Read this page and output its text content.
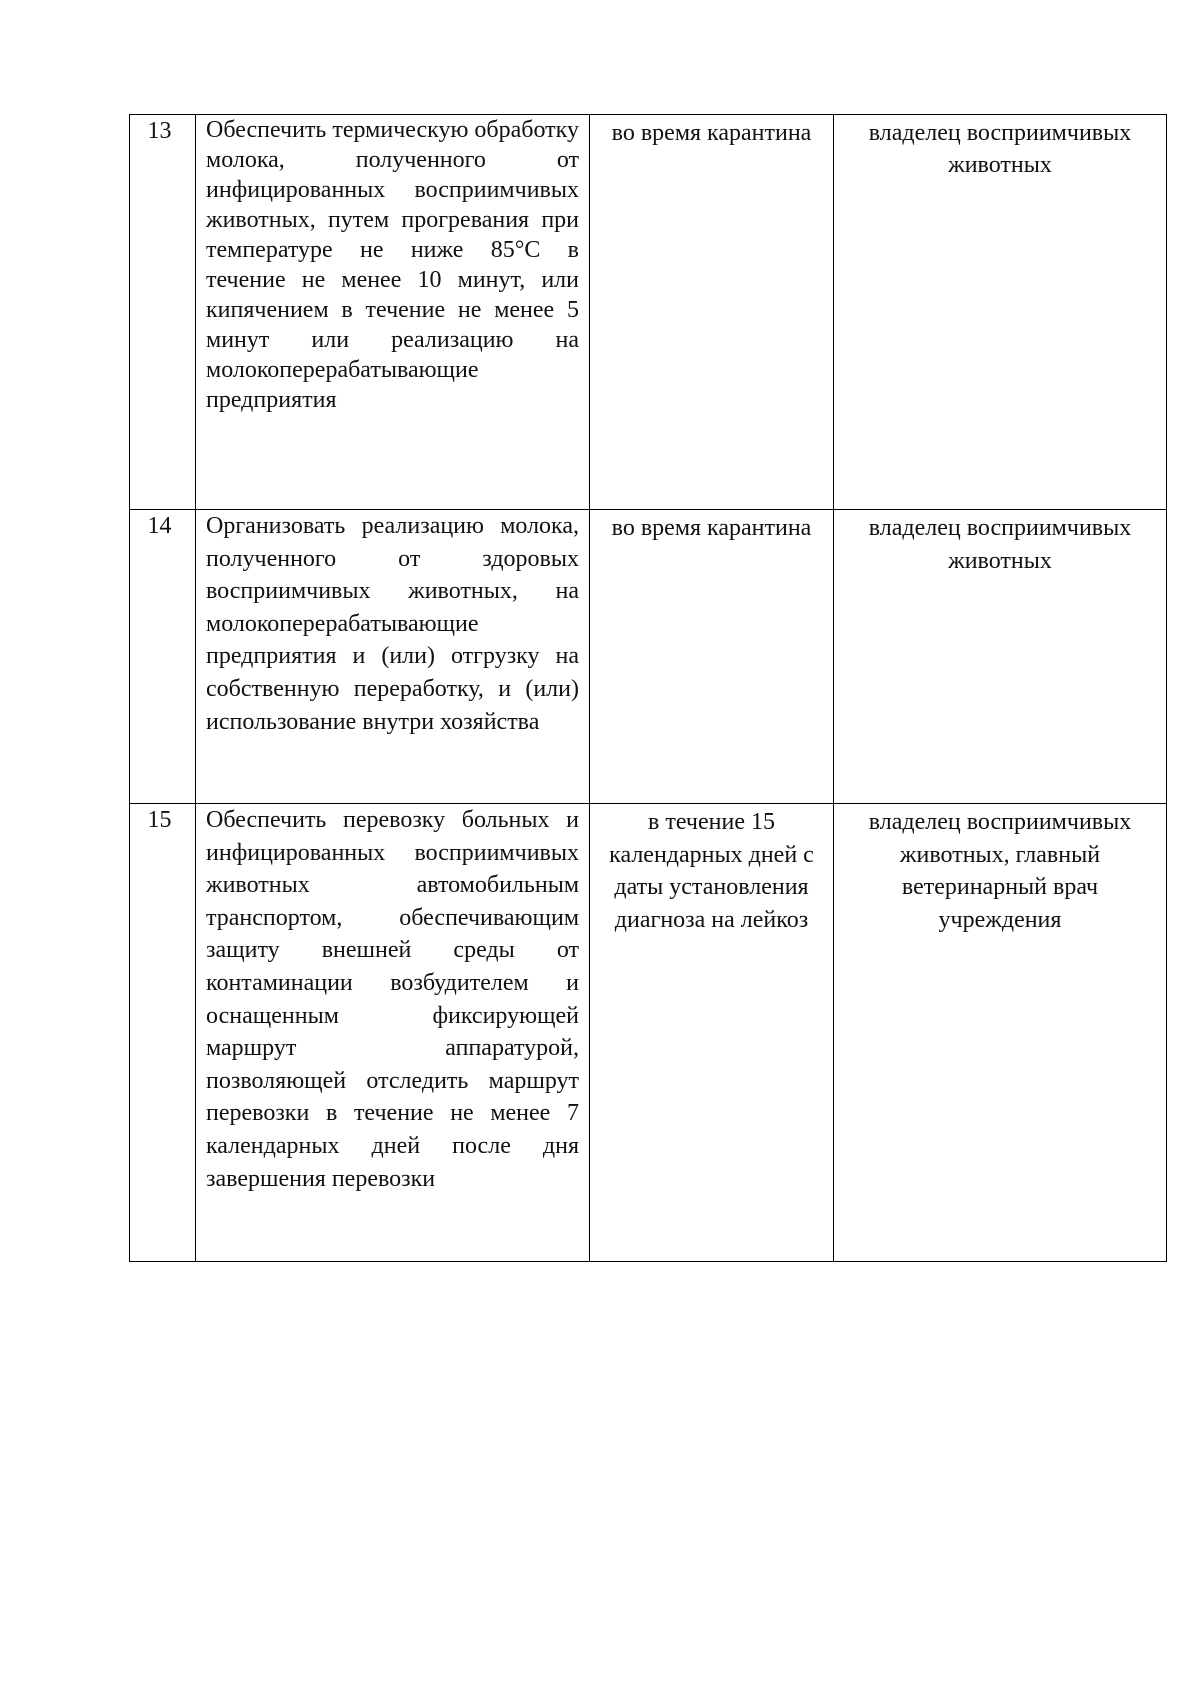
13	Обеспечить термическую обработку молока, полученного от инфицированных восприимчивых животных, путем прогревания при температуре не ниже 85°C в течение не менее 10 минут, или кипячением в течение не менее 5 минут или реализацию на молокоперерабатывающие предприятия	во время карантина	владелец восприимчивых животных

14	Организовать реализацию молока, полученного от здоровых восприимчивых животных, на молокоперерабатывающие предприятия и (или) отгрузку на собственную переработку, и (или) использование внутри хозяйства	во время карантина	владелец восприимчивых животных

15	Обеспечить перевозку больных и инфицированных восприимчивых животных автомобильным транспортом, обеспечивающим защиту внешней среды от контаминации возбудителем и оснащенным фиксирующей маршрут аппаратурой, позволяющей отследить маршрут перевозки в течение не менее 7 календарных дней после дня завершения перевозки	в течение 15 календарных дней с даты установления диагноза на лейкоз	владелец восприимчивых животных, главный ветеринарный врач учреждения
